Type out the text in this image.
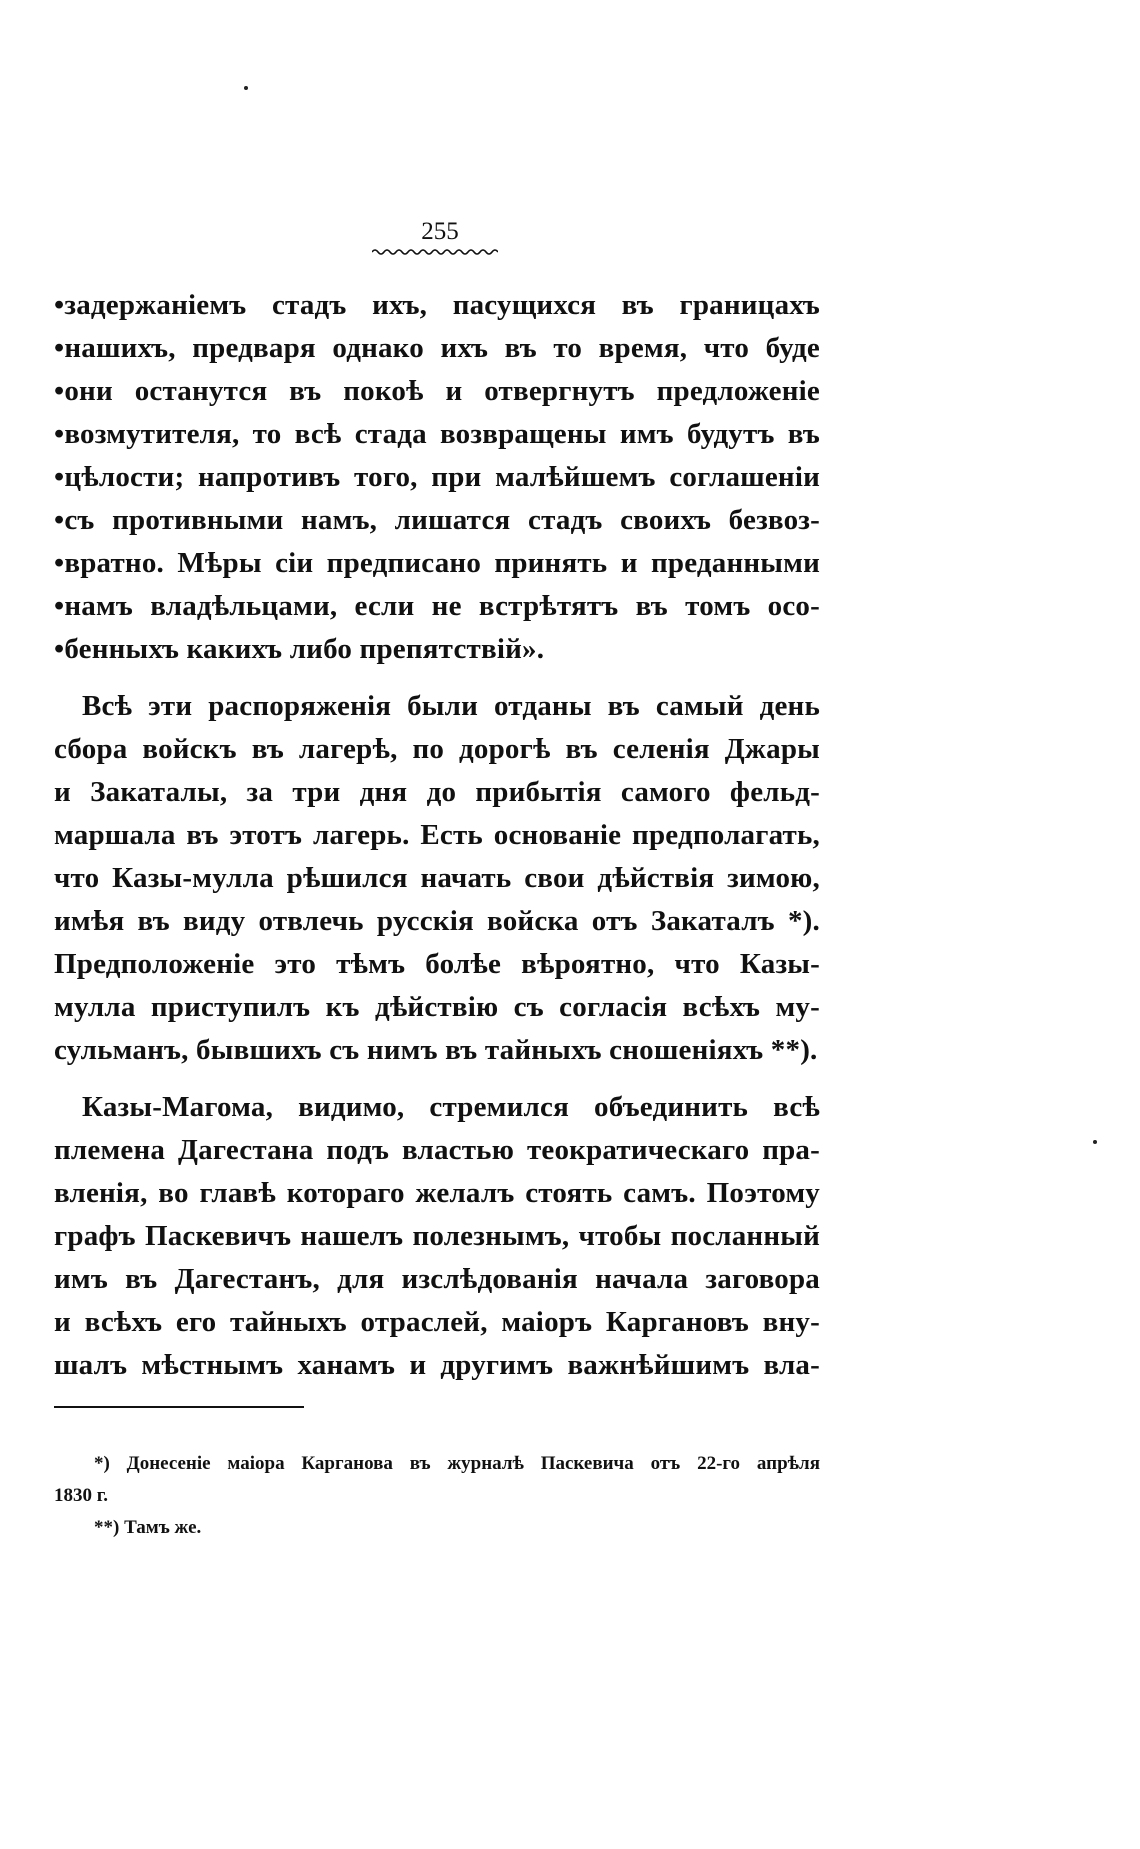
255
•задержаніемъ стадъ ихъ, пасущихся въ границахъ
•нашихъ, предваря однако ихъ въ то время, что буде
•они останутся въ покоѣ и отвергнутъ предложеніе
•возмутителя, то всѣ стада возвращены имъ будутъ въ
•цѣлости; напротивъ того, при малѣйшемъ соглашеніи
•съ противными намъ, лишатся стадъ своихъ безвоз-
•вратно. Мѣры сіи предписано принять и преданными
•намъ владѣльцами, если не встрѣтятъ въ томъ осо-
•бенныхъ какихъ либо препятствій».
Всѣ эти распоряженія были отданы въ самый день
сбора войскъ въ лагерѣ, по дорогѣ въ селенія Джары
и Закаталы, за три дня до прибытія самого фельд-
маршала въ этотъ лагерь. Есть основаніе предполагать,
что Казы-мулла рѣшился начать свои дѣйствія зимою,
имѣя въ виду отвлечь русскія войска отъ Закаталъ *).
Предположеніе это тѣмъ болѣе вѣроятно, что Казы-
мулла приступилъ къ дѣйствію съ согласія всѣхъ му-
сульманъ, бывшихъ съ нимъ въ тайныхъ сношеніяхъ **).
Казы-Магома, видимо, стремился объединить всѣ
племена Дагестана подъ властью теократическаго пра-
вленія, во главѣ котораго желалъ стоять самъ. Поэтому
графъ Паскевичъ нашелъ полезнымъ, чтобы посланный
имъ въ Дагестанъ, для изслѣдованія начала заговора
и всѣхъ его тайныхъ отраслей, маіоръ Каргановъ вну-
шалъ мѣстнымъ ханамъ и другимъ важнѣйшимъ вла-
*) Донесеніе маіора Карганова въ журналѣ Паскевича отъ 22-го апрѣля
1830 г.
**) Тамъ же.
